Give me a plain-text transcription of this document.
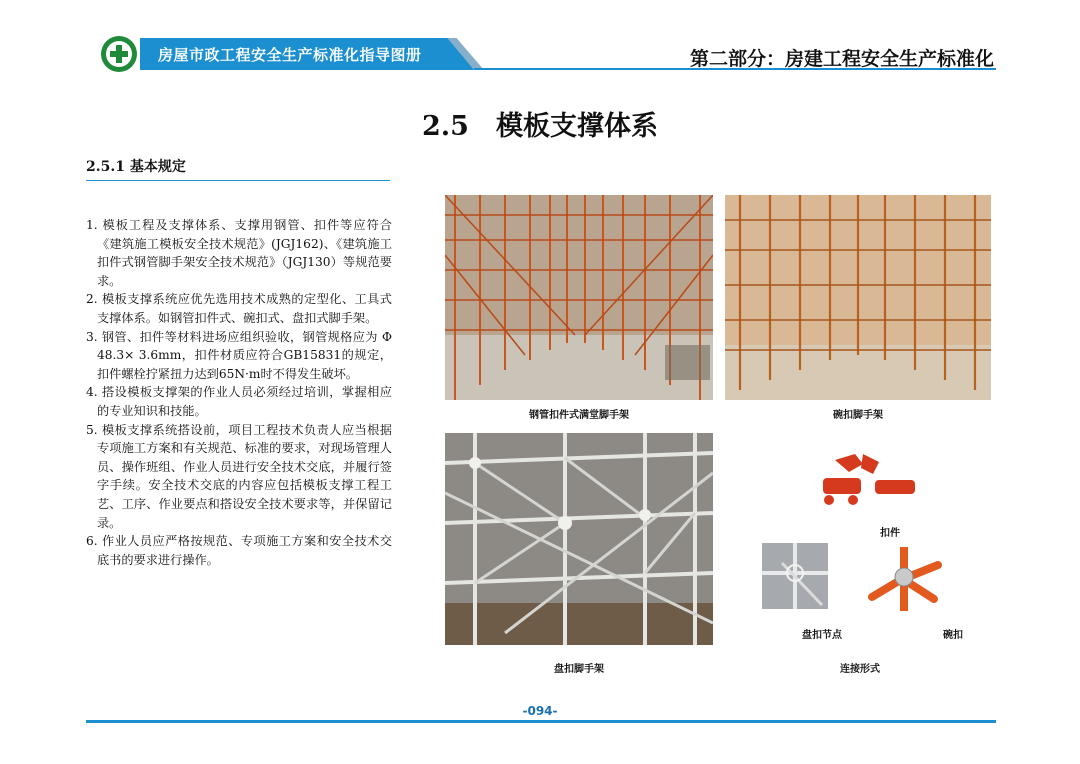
房屋市政工程安全生产标准化指导图册	第二部分：房建工程安全生产标准化
2.5　模板支撑体系
2.5.1 基本规定
1. 模板工程及支撑体系、支撑用钢管、扣件等应符合《建筑施工模板安全技术规范》(JGJ162)、《建筑施工扣件式钢管脚手架安全技术规范》（JGJ130）等规范要求。
2. 模板支撑系统应优先选用技术成熟的定型化、工具式支撑体系。如钢管扣件式、碗扣式、盘扣式脚手架。
3. 钢管、扣件等材料进场应组织验收，钢管规格应为 Φ 48.3× 3.6mm，扣件材质应符合GB15831的规定，扣件螺栓拧紧扭力达到65N·m时不得发生破坏。
4. 搭设模板支撑架的作业人员必须经过培训，掌握相应的专业知识和技能。
5. 模板支撑系统搭设前，项目工程技术负责人应当根据专项施工方案和有关规范、标准的要求，对现场管理人员、操作班组、作业人员进行安全技术交底，并履行签字手续。安全技术交底的内容应包括模板支撑工程工艺、工序、作业要点和搭设安全技术要求等，并保留记录。
6. 作业人员应严格按规范、专项施工方案和安全技术交底书的要求进行操作。
钢管扣件式满堂脚手架	碗扣脚手架
盘扣脚手架
扣件
盘扣节点	碗扣
连接形式
-094-
